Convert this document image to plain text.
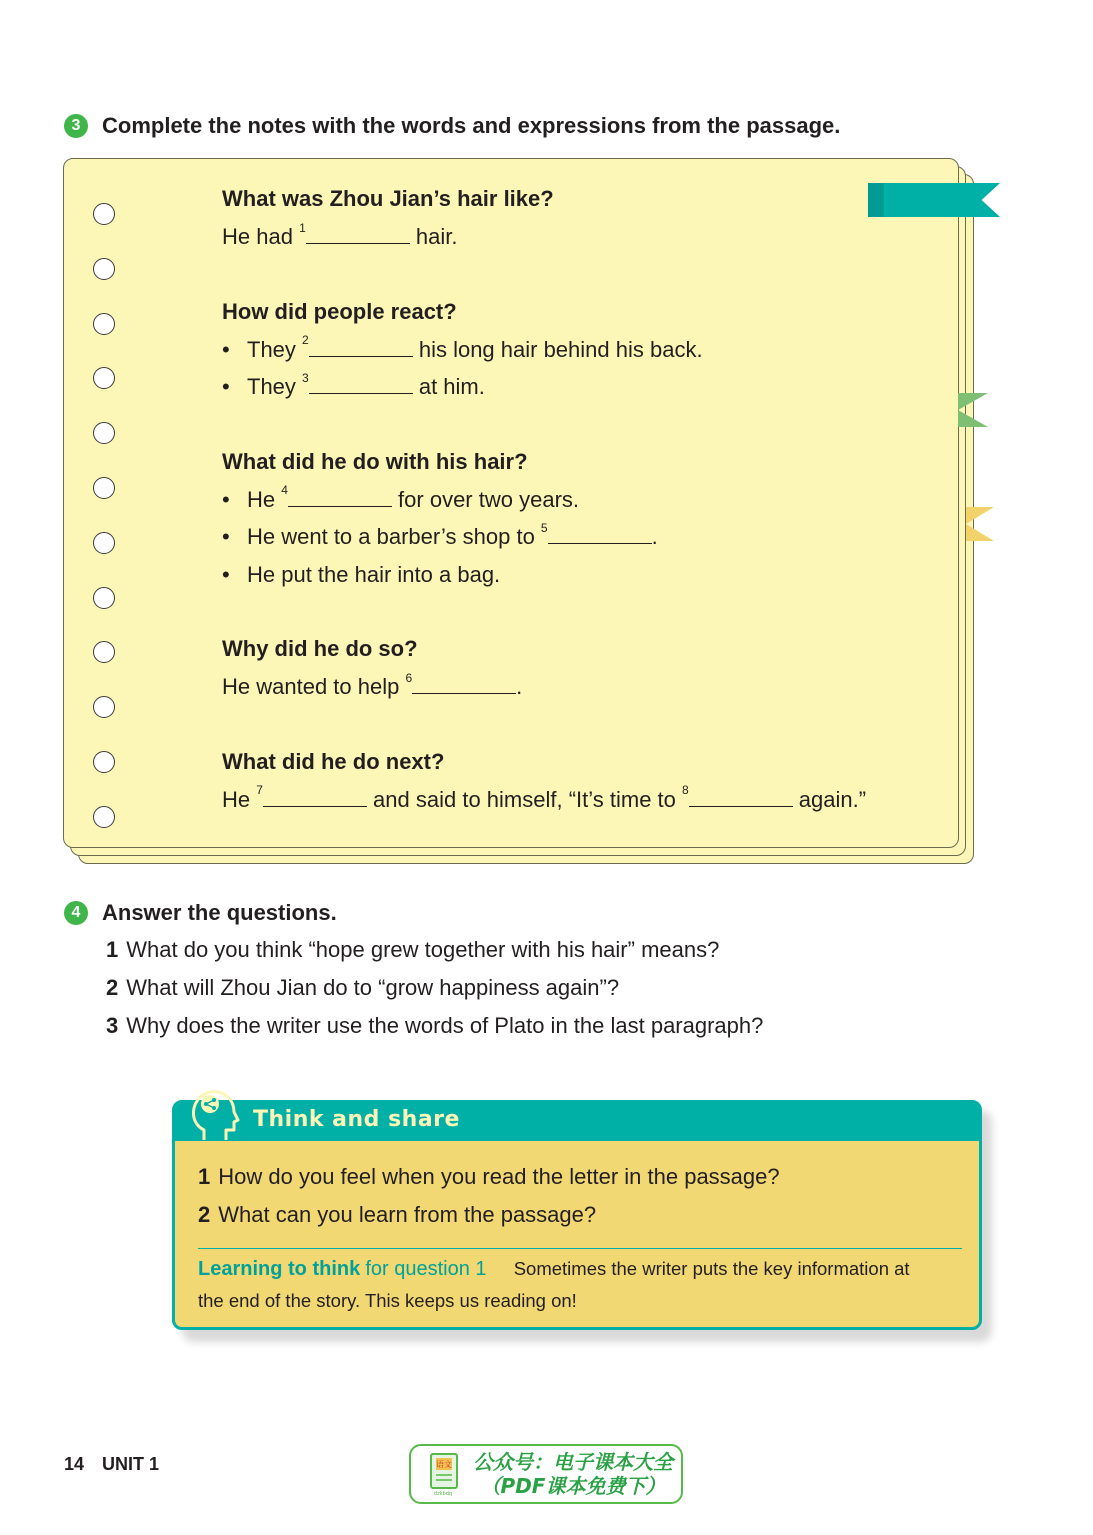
3 Complete the notes with the words and expressions from the passage.
What was Zhou Jian’s hair like?
He had $^1$	hair.
How did people react?
• They $^2$	his long hair behind his back.
• They $^3$	at him.
What did he do with his hair?
• He $^4$	for over two years.
• He went to a barber’s shop to $^5$	.
• He put the hair into a bag.
Why did he do so?
He wanted to help $^6$	.
What did he do next?
He $^7$	and said to himself, “It’s time to $^8$	again.”
4 Answer the questions.
1 What do you think “hope grew together with his hair” means?
2 What will Zhou Jian do to “grow happiness again”?
3 Why does the writer use the words of Plato in the last paragraph?
Think and share
1 How do you feel when you read the letter in the passage?
2 What can you learn from the passage?
Learning to think for question 1 Sometimes the writer puts the key information at the end of the story. This keeps us reading on!
14 UNIT 1	语文
dzkbdq
公众号：电子课本大全
（PDF课本免费下）
